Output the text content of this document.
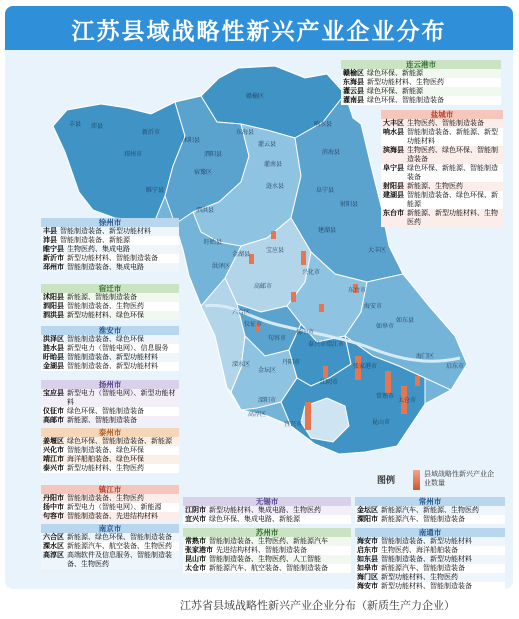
江苏县域战略性新兴产业企业分布
赣榆区
东海县
灌云县
灌南县
丰县 沛县
邳州市
新沂市
睢宁县
沭阳县
宿豫区
泗阳县
泗洪县
涟水县
盱眙县
金湖县
洪泽区
宝应县
高邮市
兴化市
建湖县
阜宁县
滨海县
响水县
射阳县
大丰区
东台市
海安市
如皋市
如东县
海门区
启东市
靖江市
泰兴市
江阴市
张家港市
常熟市
太仓市
昆山市
溧阳市
溧水区
高淳区
宜兴市
六合区
仪征市
句容市
丹阳市
扬中市
金坛区
连云港市
赣榆区 绿色环保、新能源
东海县 新型功能材料、生物医药
灌云县 绿色环保、新能源
灌南县 绿色环保、智能制造装备
盐城市
大丰区 生物医药、智能制造装备
响水县 智能制造装备、新能源、新型功能材料
滨海县 生物医药、绿色环保、智能制造装备
阜宁县 绿色环保、新能源、智能制造装备
射阳县 新能源、生物医药
建湖县 智能制造装备、绿色环保、新能源
东台市 新能源、新型功能材料、生物医药
徐州市
丰县 智能制造装备、新型功能材料
沛县 智能制造装备、新能源
睢宁县 生物医药、集成电路
新沂市 新型功能材料、智能制造装备
邳州市 智能制造装备、集成电路
宿迁市
沭阳县 新能源、智能制造装备
泗阳县 智能制造装备、生物医药
泗洪县 新型功能材料、绿色环保
淮安市
洪泽区 智能制造装备、绿色环保
涟水县 新型电力（智能电网）、信息服务
盱眙县 智能制造装备、新型功能材料
金湖县 智能制造装备、新型功能材料
扬州市
宝应县 新型电力（智能电网）、新型功能材料
仪征市 绿色环保、智能制造装备
高邮市 新能源、智能制造装备
泰州市
姜堰区 绿色环保、智能制造装备、新能源
兴化市 智能制造装备、绿色环保
靖江市 海洋船舶装备、绿色环保
泰兴市 新型功能材料、生物医药
镇江市
丹阳市 智能制造装备、生物医药
扬中市 新型电力（智能电网）、新能源
句容市 智能制造装备、先进结构材料
南京市
六合区 新能源、绿色环保、智能制造装备
溧水区 新能源汽车、航空装备、生物医药
高淳区 高端软件及信息服务、智能制造装备、生物医药
无锡市
江阴市 新型功能材料、集成电路、生物医药
宜兴市 绿色环保、集成电路、新能源
常州市
金坛区 新能源汽车、新能源、生物医药
溧阳市 新能源汽车、智能制造装备
苏州市
常熟市 智能制造装备、生物医药、新能源汽车
张家港市 先进结构材料、智能制造装备
昆山市 智能制造装备、生物医药、人工智能
太仓市 新能源汽车、航空装备、智能制造装备
南通市
海安市 智能制造装备、新型功能材料
启东市 生物医药、海洋船舶装备
如东县 智能制造装备、新型功能材料
如皋市 新能源汽车、智能制造装备
海门区 新型功能材料、生物医药
海安市 新型功能材料、智能制造装备
图例
县域战略性新兴产业企业数量
江苏省县域战略性新兴产业企业分布（新质生产力企业）
